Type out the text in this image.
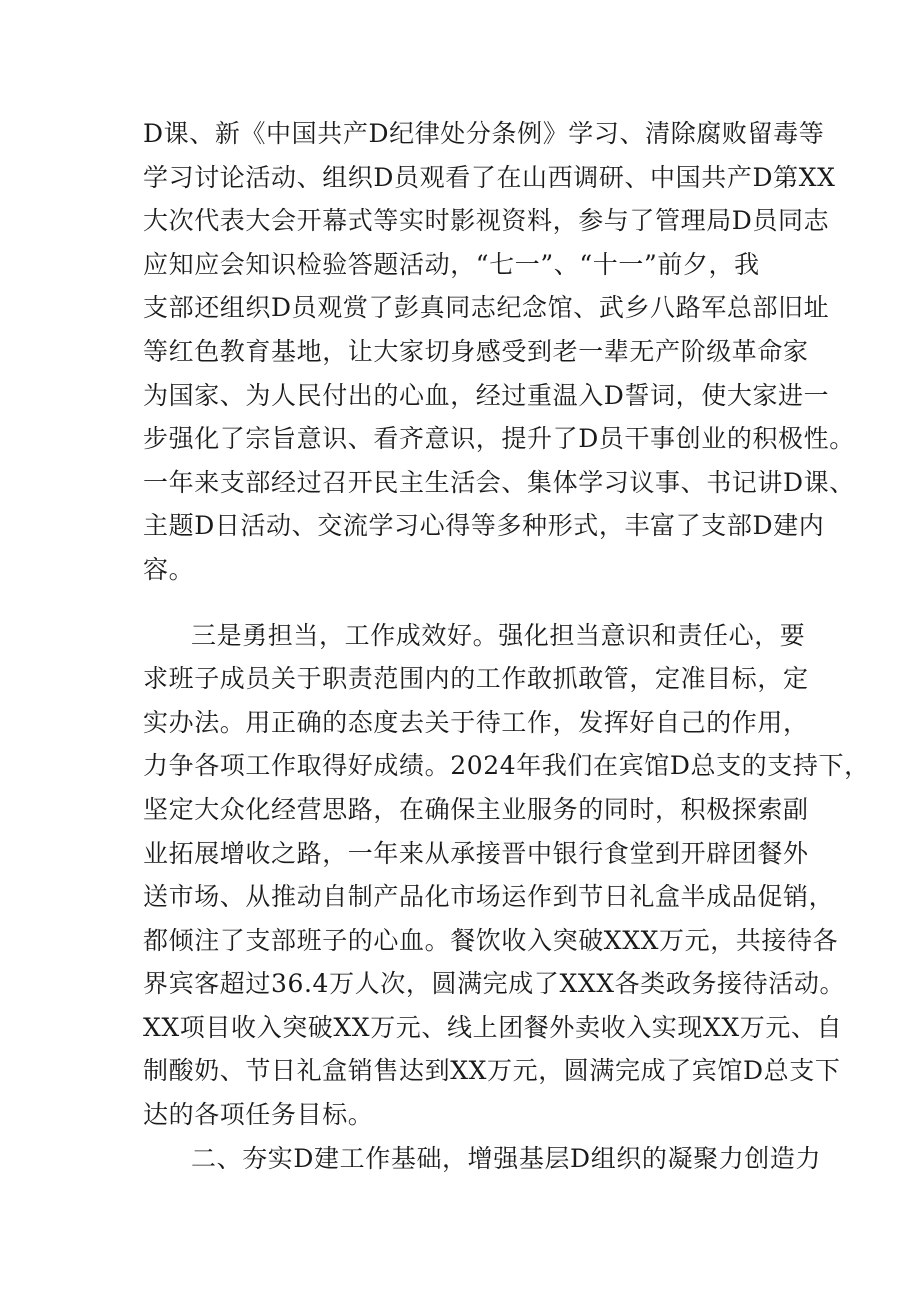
D课、新《中国共产D纪律处分条例》学习、清除腐败留毒等
学习讨论活动、组织D员观看了在山西调研、中国共产D第XX
大次代表大会开幕式等实时影视资料，参与了管理局D员同志
应知应会知识检验答题活动，“七一”、“十一”前夕，我
支部还组织D员观赏了彭真同志纪念馆、武乡八路军总部旧址
等红色教育基地，让大家切身感受到老一辈无产阶级革命家
为国家、为人民付出的心血，经过重温入D誓词，使大家进一
步强化了宗旨意识、看齐意识，提升了D员干事创业的积极性。
一年来支部经过召开民主生活会、集体学习议事、书记讲D课、
主题D日活动、交流学习心得等多种形式，丰富了支部D建内
容。
三是勇担当，工作成效好。强化担当意识和责任心，要
求班子成员关于职责范围内的工作敢抓敢管，定准目标，定
实办法。用正确的态度去关于待工作，发挥好自己的作用，
力争各项工作取得好成绩。2024年我们在宾馆D总支的支持下，
坚定大众化经营思路，在确保主业服务的同时，积极探索副
业拓展增收之路，一年来从承接晋中银行食堂到开辟团餐外
送市场、从推动自制产品化市场运作到节日礼盒半成品促销，
都倾注了支部班子的心血。餐饮收入突破XXX万元，共接待各
界宾客超过36.4万人次，圆满完成了XXX各类政务接待活动。
XX项目收入突破XX万元、线上团餐外卖收入实现XX万元、自
制酸奶、节日礼盒销售达到XX万元，圆满完成了宾馆D总支下
达的各项任务目标。
二、夯实D建工作基础，增强基层D组织的凝聚力创造力
